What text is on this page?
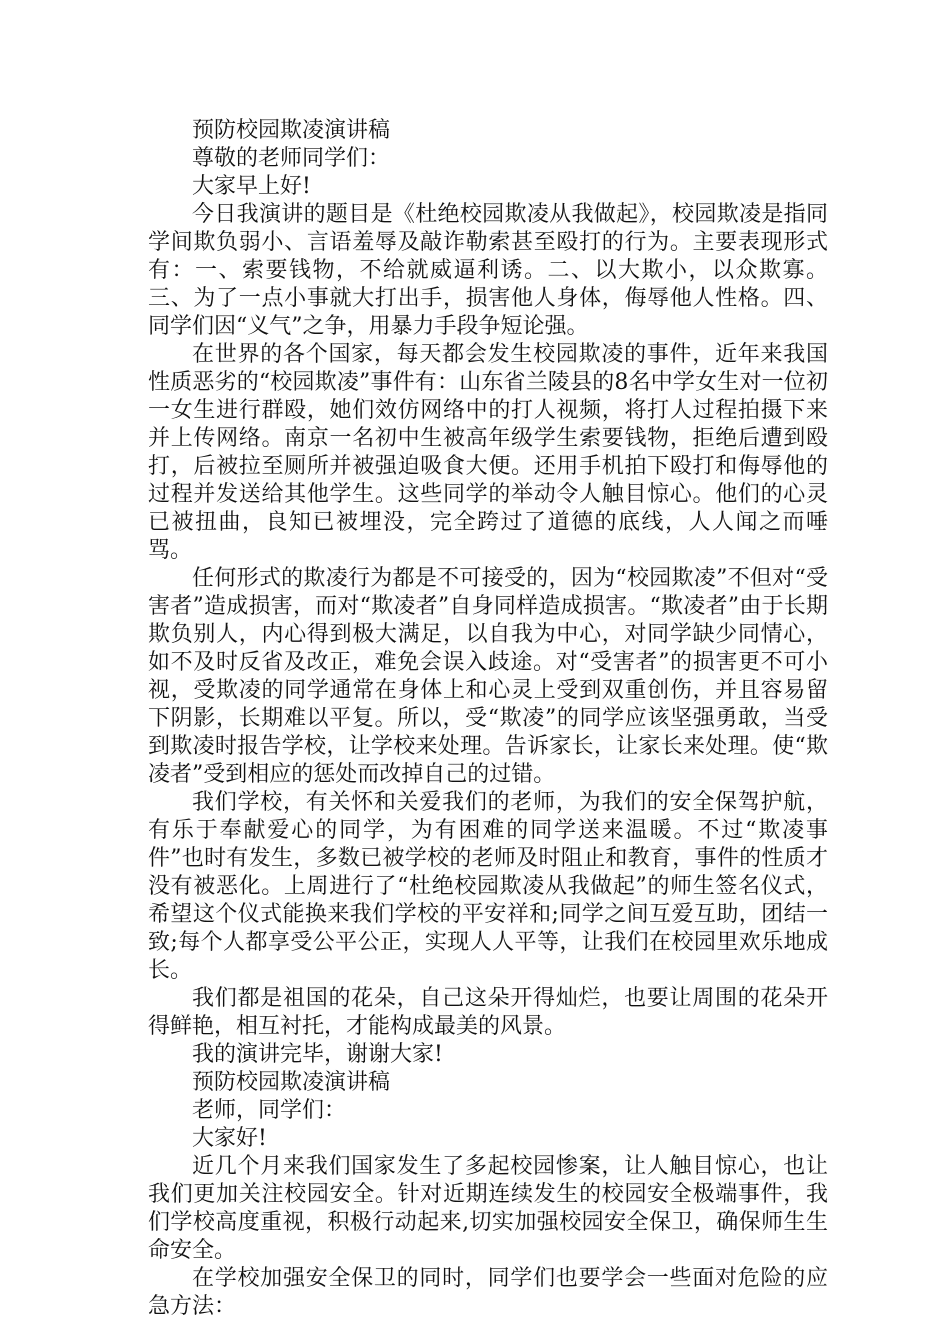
预防校园欺凌演讲稿

尊敬的老师同学们：

大家早上好!

今日我演讲的题目是《杜绝校园欺凌从我做起》，校园欺凌是指同学间欺负弱小、言语羞辱及敲诈勒索甚至殴打的行为。主要表现形式有：一、索要钱物，不给就威逼利诱。二、以大欺小，以众欺寡。三、为了一点小事就大打出手，损害他人身体，侮辱他人性格。四、同学们因“义气”之争，用暴力手段争短论强。

在世界的各个国家，每天都会发生校园欺凌的事件，近年来我国性质恶劣的“校园欺凌”事件有：山东省兰陵县的8名中学女生对一位初一女生进行群殴，她们效仿网络中的打人视频，将打人过程拍摄下来并上传网络。南京一名初中生被高年级学生索要钱物，拒绝后遭到殴打，后被拉至厕所并被强迫吸食大便。还用手机拍下殴打和侮辱他的过程并发送给其他学生。这些同学的举动令人触目惊心。他们的心灵已被扭曲，良知已被埋没，完全跨过了道德的底线，人人闻之而唾骂。

任何形式的欺凌行为都是不可接受的，因为“校园欺凌”不但对“受害者”造成损害，而对“欺凌者”自身同样造成损害。“欺凌者”由于长期欺负别人，内心得到极大满足，以自我为中心，对同学缺少同情心，如不及时反省及改正，难免会误入歧途。对“受害者”的损害更不可小视，受欺凌的同学通常在身体上和心灵上受到双重创伤，并且容易留下阴影，长期难以平复。所以，受“欺凌”的同学应该坚强勇敢，当受到欺凌时报告学校，让学校来处理。告诉家长，让家长来处理。使“欺凌者”受到相应的惩处而改掉自己的过错。

我们学校，有关怀和关爱我们的老师，为我们的安全保驾护航，有乐于奉献爱心的同学，为有困难的同学送来温暖。不过“欺凌事件”也时有发生，多数已被学校的老师及时阻止和教育，事件的性质才没有被恶化。上周进行了“杜绝校园欺凌从我做起”的师生签名仪式，希望这个仪式能换来我们学校的平安祥和;同学之间互爱互助，团结一致;每个人都享受公平公正，实现人人平等，让我们在校园里欢乐地成长。

我们都是祖国的花朵，自己这朵开得灿烂，也要让周围的花朵开得鲜艳，相互衬托，才能构成最美的风景。

我的演讲完毕，谢谢大家!

预防校园欺凌演讲稿

老师，同学们：

大家好!

近几个月来我们国家发生了多起校园惨案，让人触目惊心，也让我们更加关注校园安全。针对近期连续发生的校园安全极端事件，我们学校高度重视，积极行动起来,切实加强校园安全保卫，确保师生生命安全。

在学校加强安全保卫的同时，同学们也要学会一些面对危险的应急方法：
